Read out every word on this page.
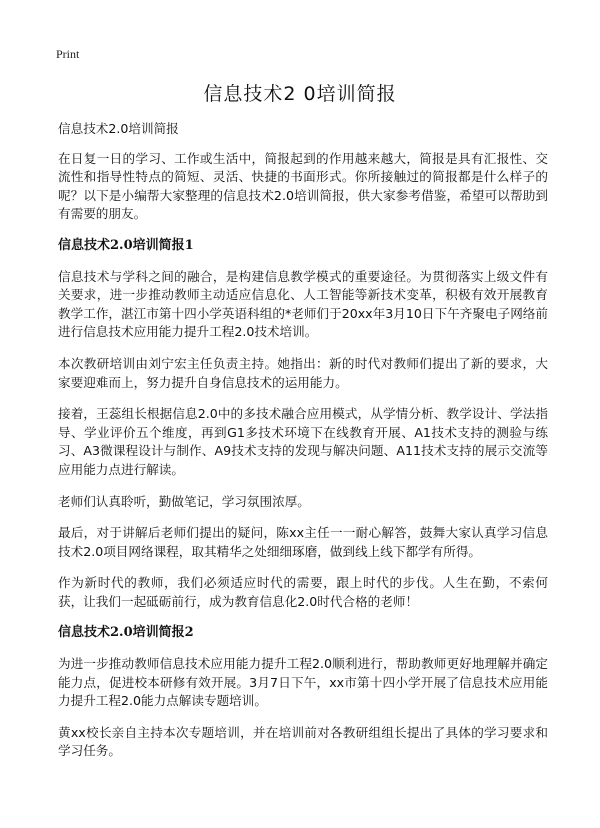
Print
信息技术2 0培训简报

信息技术2.0培训简报

在日复一日的学习、工作或生活中，简报起到的作用越来越大，简报是具有汇报性、交流性和指导性特点的简短、灵活、快捷的书面形式。你所接触过的简报都是什么样子的呢？以下是小编帮大家整理的信息技术2.0培训简报，供大家参考借鉴，希望可以帮助到有需要的朋友。

信息技术2.0培训简报1

信息技术与学科之间的融合，是构建信息教学模式的重要途径。为贯彻落实上级文件有关要求，进一步推动教师主动适应信息化、人工智能等新技术变革，积极有效开展教育教学工作，湛江市第十四小学英语科组的*老师们于20xx年3月10日下午齐聚电子网络前进行信息技术应用能力提升工程2.0技术培训。

本次教研培训由刘宁宏主任负责主持。她指出：新的时代对教师们提出了新的要求，大家要迎难而上，努力提升自身信息技术的运用能力。

接着，王蕊组长根据信息2.0中的多技术融合应用模式，从学情分析、教学设计、学法指导、学业评价五个维度，再到G1多技术环境下在线教育开展、A1技术支持的测验与练习、A3微课程设计与制作、A9技术支持的发现与解决问题、A11技术支持的展示交流等应用能力点进行解读。

老师们认真聆听，勤做笔记，学习氛围浓厚。

最后，对于讲解后老师们提出的疑问，陈xx主任一一耐心解答，鼓舞大家认真学习信息技术2.0项目网络课程，取其精华之处细细琢磨，做到线上线下都学有所得。

作为新时代的教师，我们必须适应时代的需要，跟上时代的步伐。人生在勤，不索何获，让我们一起砥砺前行，成为教育信息化2.0时代合格的老师！

信息技术2.0培训简报2

为进一步推动教师信息技术应用能力提升工程2.0顺利进行，帮助教师更好地理解并确定能力点，促进校本研修有效开展。3月7日下午，xx市第十四小学开展了信息技术应用能力提升工程2.0能力点解读专题培训。

黄xx校长亲自主持本次专题培训，并在培训前对各教研组组长提出了具体的学习要求和学习任务。
